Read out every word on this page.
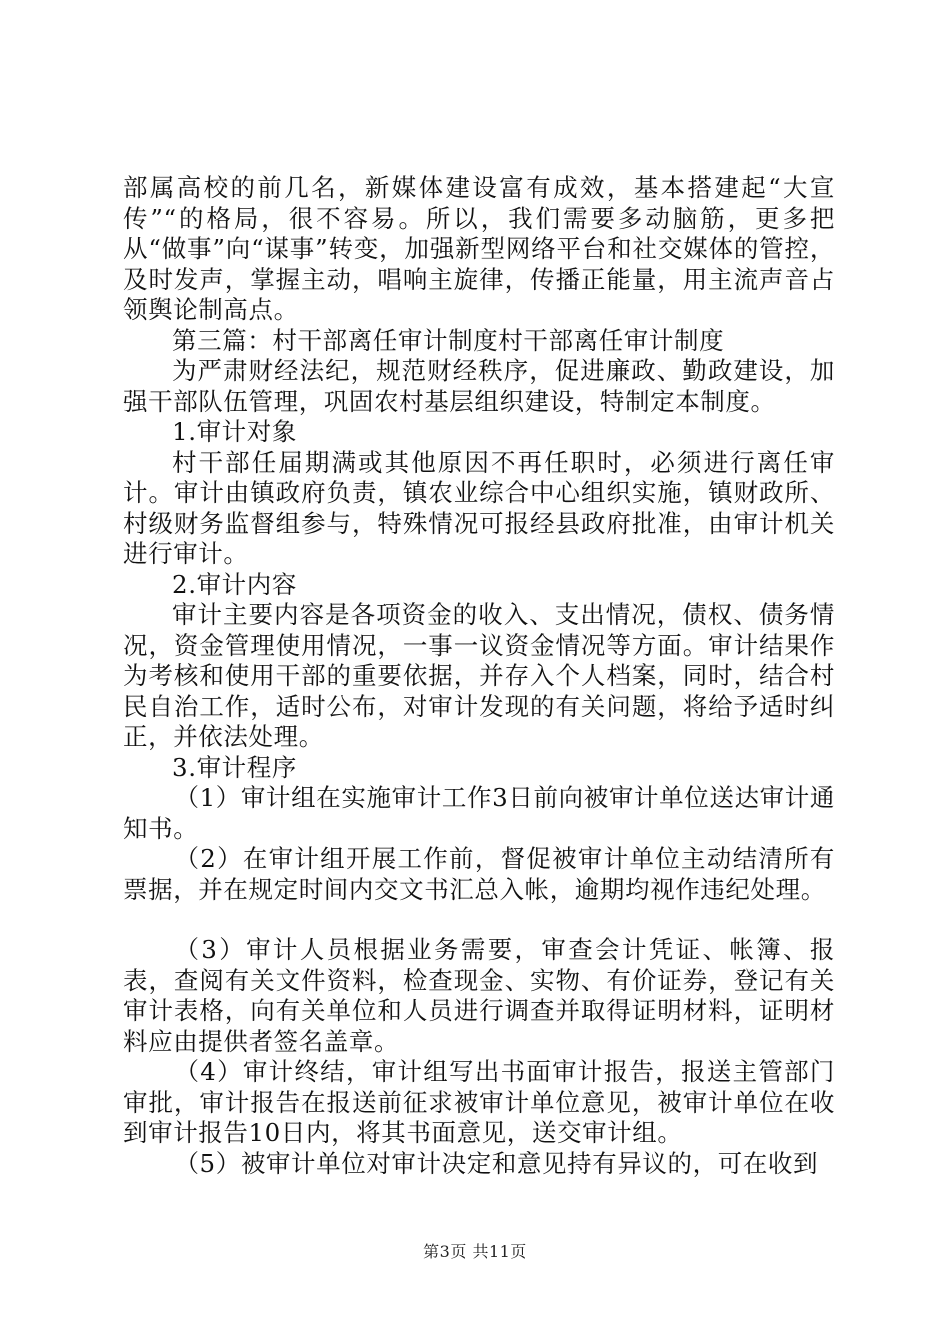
部属高校的前几名，新媒体建设富有成效，基本搭建起“大宣传”“的格局，很不容易。所以，我们需要多动脑筋，更多把从“做事”向“谋事”转变，加强新型网络平台和社交媒体的管控，及时发声，掌握主动，唱响主旋律，传播正能量，用主流声音占领舆论制高点。

第三篇：村干部离任审计制度村干部离任审计制度

为严肃财经法纪，规范财经秩序，促进廉政、勤政建设，加强干部队伍管理，巩固农村基层组织建设，特制定本制度。

1.审计对象

村干部任届期满或其他原因不再任职时，必须进行离任审计。审计由镇政府负责，镇农业综合中心组织实施，镇财政所、村级财务监督组参与，特殊情况可报经县政府批准，由审计机关进行审计。

2.审计内容

审计主要内容是各项资金的收入、支出情况，债权、债务情况，资金管理使用情况，一事一议资金情况等方面。审计结果作为考核和使用干部的重要依据，并存入个人档案，同时，结合村民自治工作，适时公布，对审计发现的有关问题，将给予适时纠正，并依法处理。

3.审计程序

（1）审计组在实施审计工作3日前向被审计单位送达审计通知书。

（2）在审计组开展工作前，督促被审计单位主动结清所有票据，并在规定时间内交文书汇总入帐，逾期均视作违纪处理。

（3）审计人员根据业务需要，审查会计凭证、帐簿、报表，查阅有关文件资料，检查现金、实物、有价证券，登记有关审计表格，向有关单位和人员进行调查并取得证明材料，证明材料应由提供者签名盖章。

（4）审计终结，审计组写出书面审计报告，报送主管部门审批，审计报告在报送前征求被审计单位意见，被审计单位在收到审计报告10日内，将其书面意见，送交审计组。

（5）被审计单位对审计决定和意见持有异议的，可在收到

第3页 共11页
